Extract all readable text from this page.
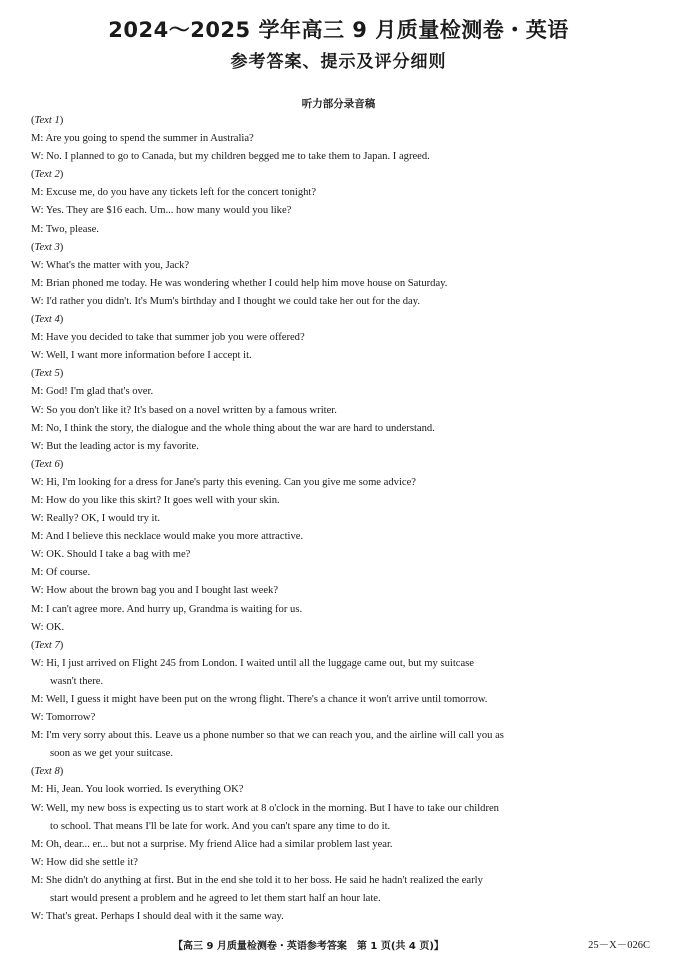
2024～2025 学年高三 9 月质量检测卷・英语
参考答案、提示及评分细则
听力部分录音稿
(Text 1)
M: Are you going to spend the summer in Australia?
W: No. I planned to go to Canada, but my children begged me to take them to Japan. I agreed.
(Text 2)
M: Excuse me, do you have any tickets left for the concert tonight?
W: Yes. They are $16 each. Um... how many would you like?
M: Two, please.
(Text 3)
W: What's the matter with you, Jack?
M: Brian phoned me today. He was wondering whether I could help him move house on Saturday.
W: I'd rather you didn't. It's Mum's birthday and I thought we could take her out for the day.
(Text 4)
M: Have you decided to take that summer job you were offered?
W: Well, I want more information before I accept it.
(Text 5)
M: God! I'm glad that's over.
W: So you don't like it? It's based on a novel written by a famous writer.
M: No, I think the story, the dialogue and the whole thing about the war are hard to understand.
W: But the leading actor is my favorite.
(Text 6)
W: Hi, I'm looking for a dress for Jane's party this evening. Can you give me some advice?
M: How do you like this skirt? It goes well with your skin.
W: Really? OK, I would try it.
M: And I believe this necklace would make you more attractive.
W: OK. Should I take a bag with me?
M: Of course.
W: How about the brown bag you and I bought last week?
M: I can't agree more. And hurry up, Grandma is waiting for us.
W: OK.
(Text 7)
W: Hi, I just arrived on Flight 245 from London. I waited until all the luggage came out, but my suitcase
wasn't there.
M: Well, I guess it might have been put on the wrong flight. There's a chance it won't arrive until tomorrow.
W: Tomorrow?
M: I'm very sorry about this. Leave us a phone number so that we can reach you, and the airline will call you as
soon as we get your suitcase.
(Text 8)
M: Hi, Jean. You look worried. Is everything OK?
W: Well, my new boss is expecting us to start work at 8 o'clock in the morning. But I have to take our children
to school. That means I'll be late for work. And you can't spare any time to do it.
M: Oh, dear... er... but not a surprise. My friend Alice had a similar problem last year.
W: How did she settle it?
M: She didn't do anything at first. But in the end she told it to her boss. He said he hadn't realized the early
start would present a problem and he agreed to let them start half an hour late.
W: That's great. Perhaps I should deal with it the same way.
【高三 9 月质量检测卷・英语参考答案　第 1 页(共 4 页)】	25－X－026C
